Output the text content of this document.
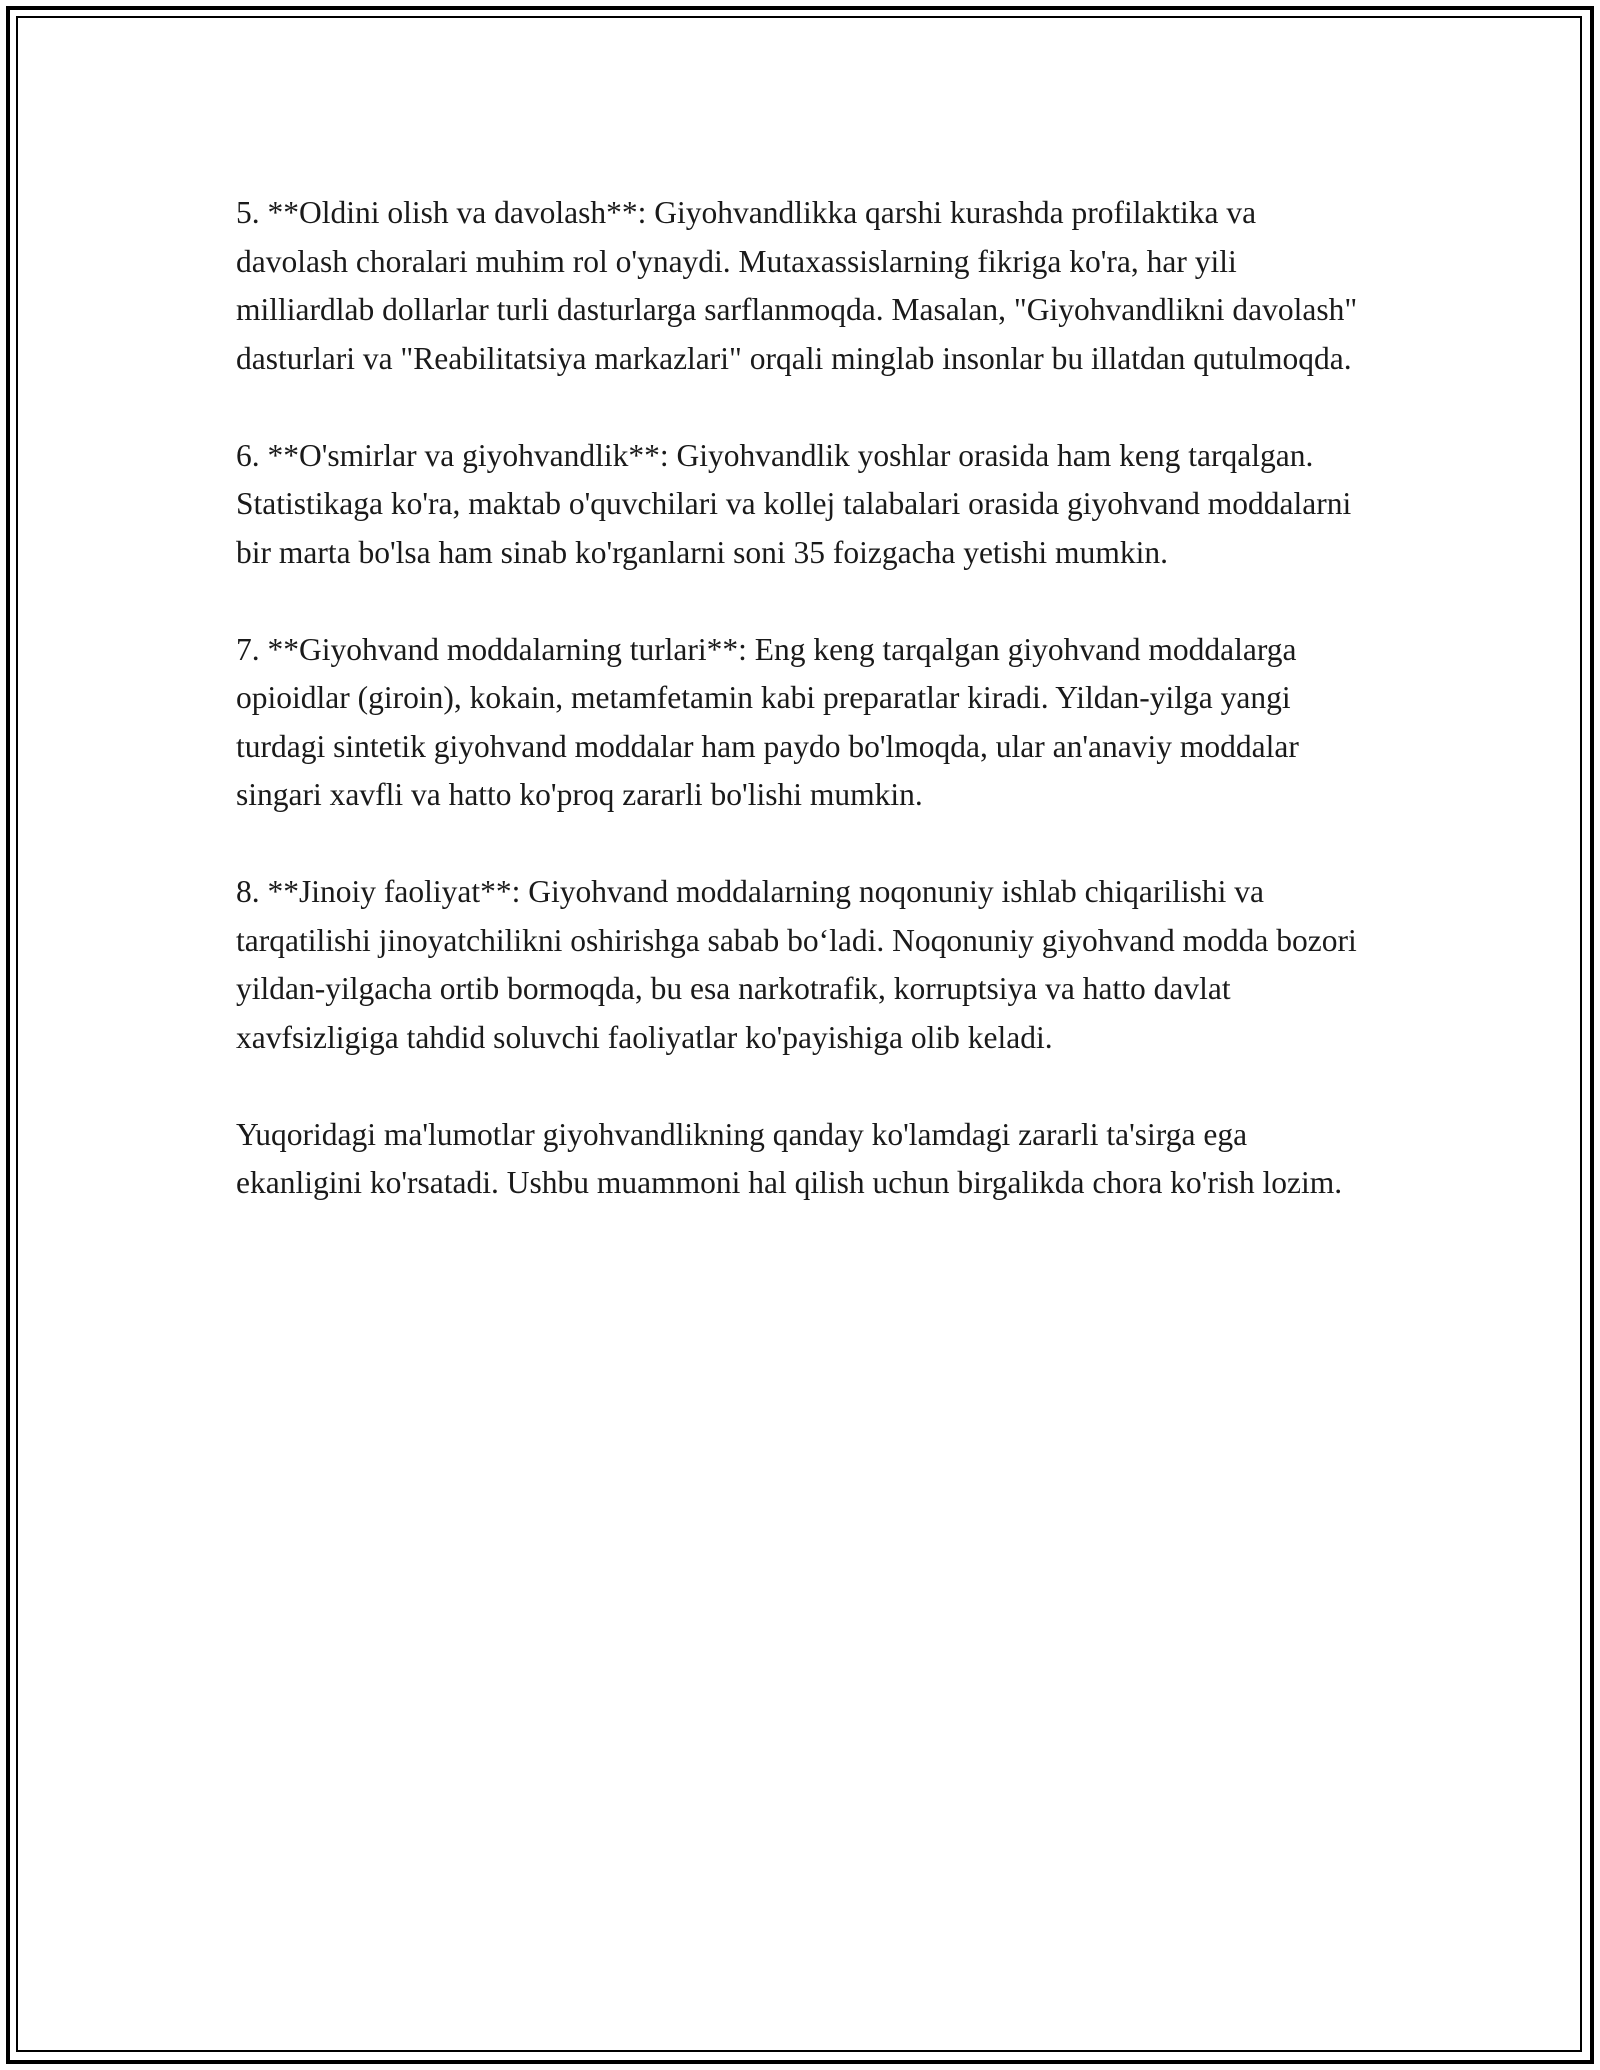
5. **Oldini olish va davolash**: Giyohvandlikka qarshi kurashda profilaktika va davolash choralari muhim rol o'ynaydi. Mutaxassislarning fikriga ko'ra, har yili milliardlab dollarlar turli dasturlarga sarflanmoqda. Masalan, "Giyohvandlikni davolash" dasturlari va "Reabilitatsiya markazlari" orqali minglab insonlar bu illatdan qutulmoqda.

6. **O'smirlar va giyohvandlik**: Giyohvandlik yoshlar orasida ham keng tarqalgan. Statistikaga ko'ra, maktab o'quvchilari va kollej talabalari orasida giyohvand moddalarni bir marta bo'lsa ham sinab ko'rganlarni soni 35 foizgacha yetishi mumkin.

7. **Giyohvand moddalarning turlari**: Eng keng tarqalgan giyohvand moddalarga opioidlar (giroin), kokain, metamfetamin kabi preparatlar kiradi. Yildan-yilga yangi turdagi sintetik giyohvand moddalar ham paydo bo'lmoqda, ular an'anaviy moddalar singari xavfli va hatto ko'proq zararli bo'lishi mumkin.

8. **Jinoiy faoliyat**: Giyohvand moddalarning noqonuniy ishlab chiqarilishi va tarqatilishi jinoyatchilikni oshirishga sabab bo‘ladi. Noqonuniy giyohvand modda bozori yildan-yilgacha ortib bormoqda, bu esa narkotrafik, korruptsiya va hatto davlat xavfsizligiga tahdid soluvchi faoliyatlar ko'payishiga olib keladi.

Yuqoridagi ma'lumotlar giyohvandlikning qanday ko'lamdagi zararli ta'sirga ega ekanligini ko'rsatadi. Ushbu muammoni hal qilish uchun birgalikda chora ko'rish lozim.
